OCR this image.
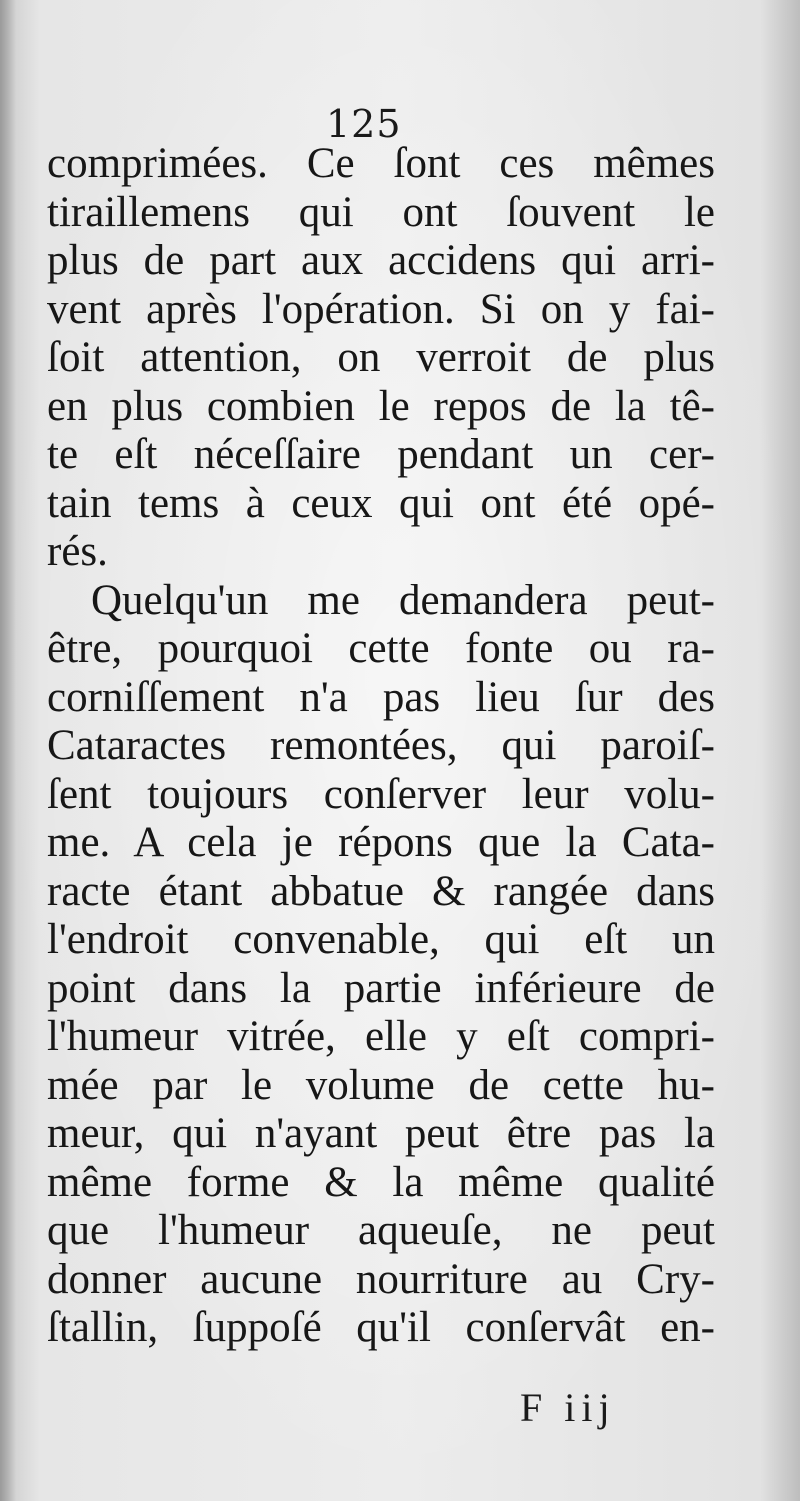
125
comprimées. Ce ſont ces mêmes
tiraillemens qui ont ſouvent le
plus de part aux accidens qui arri-
vent après l'opération. Si on y fai-
ſoit attention, on verroit de plus
en plus combien le repos de la tê-
te eſt néceſſaire pendant un cer-
tain tems à ceux qui ont été opé-
rés.
Quelqu'un me demandera peut-
être, pourquoi cette fonte ou ra-
corniſſement n'a pas lieu ſur des
Cataractes remontées, qui paroiſ-
ſent toujours conſerver leur volu-
me. A cela je répons que la Cata-
racte étant abbatue & rangée dans
l'endroit convenable, qui eſt un
point dans la partie inférieure de
l'humeur vitrée, elle y eſt compri-
mée par le volume de cette hu-
meur, qui n'ayant peut être pas la
même forme & la même qualité
que l'humeur aqueuſe, ne peut
donner aucune nourriture au Cry-
ſtallin, ſuppoſé qu'il conſervât en-
F iij
